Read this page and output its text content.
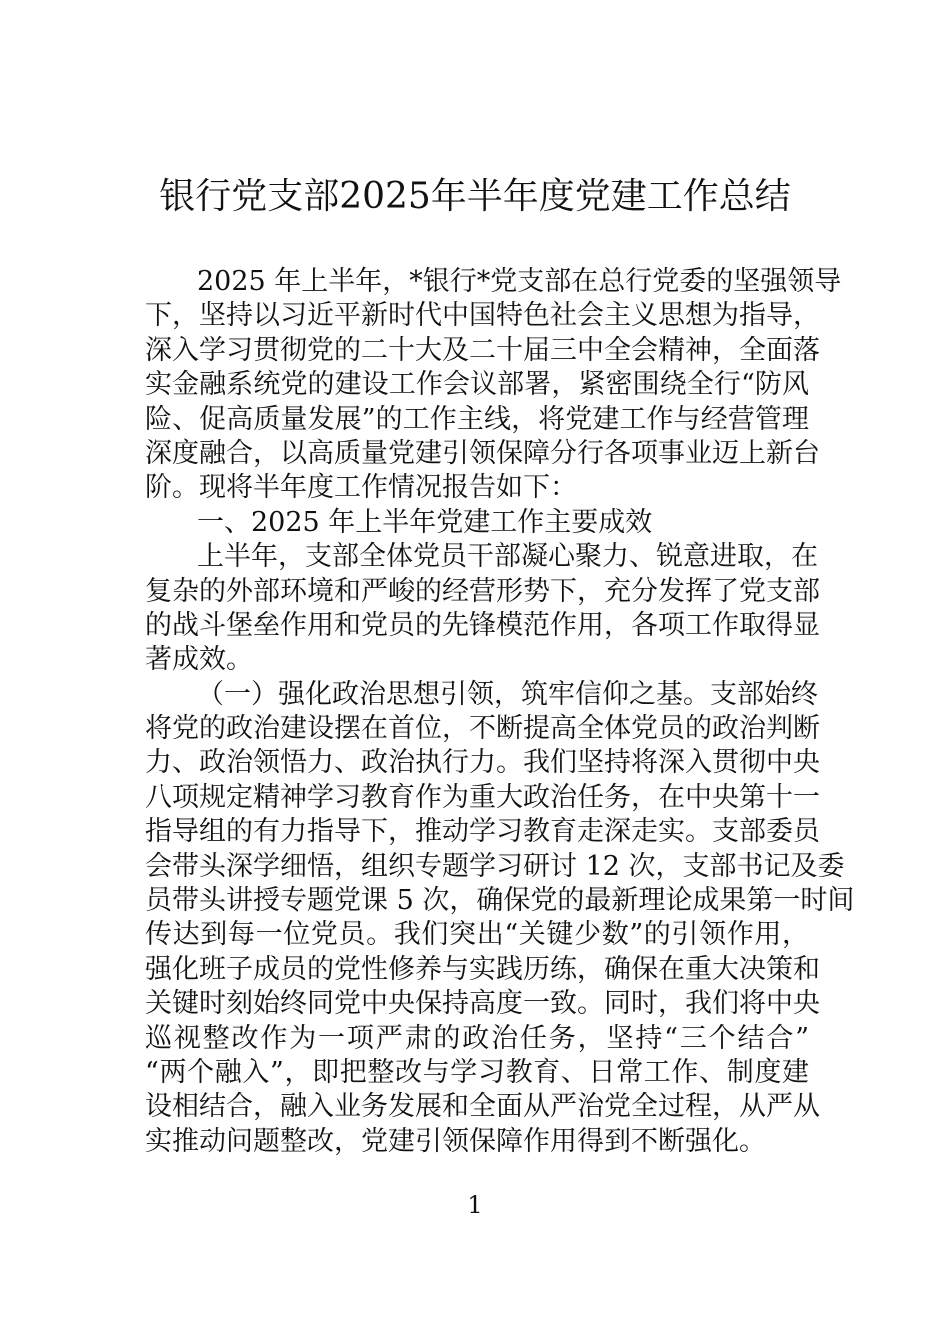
银行党支部2025年半年度党建工作总结
2025 年上半年，*银行*党支部在总行党委的坚强领导
下，坚持以习近平新时代中国特色社会主义思想为指导，
深入学习贯彻党的二十大及二十届三中全会精神，全面落
实金融系统党的建设工作会议部署，紧密围绕全行“防风
险、促高质量发展”的工作主线，将党建工作与经营管理
深度融合，以高质量党建引领保障分行各项事业迈上新台
阶。现将半年度工作情况报告如下：
一、2025 年上半年党建工作主要成效
上半年，支部全体党员干部凝心聚力、锐意进取，在
复杂的外部环境和严峻的经营形势下，充分发挥了党支部
的战斗堡垒作用和党员的先锋模范作用，各项工作取得显
著成效。
（一）强化政治思想引领，筑牢信仰之基。支部始终
将党的政治建设摆在首位，不断提高全体党员的政治判断
力、政治领悟力、政治执行力。我们坚持将深入贯彻中央
八项规定精神学习教育作为重大政治任务，在中央第十一
指导组的有力指导下，推动学习教育走深走实。支部委员
会带头深学细悟，组织专题学习研讨 12 次，支部书记及委
员带头讲授专题党课 5 次，确保党的最新理论成果第一时间
传达到每一位党员。我们突出“关键少数”的引领作用，
强化班子成员的党性修养与实践历练，确保在重大决策和
关键时刻始终同党中央保持高度一致。同时，我们将中央
巡视整改作为一项严肃的政治任务，坚持“三个结合”
“两个融入”，即把整改与学习教育、日常工作、制度建
设相结合，融入业务发展和全面从严治党全过程，从严从
实推动问题整改，党建引领保障作用得到不断强化。
1
